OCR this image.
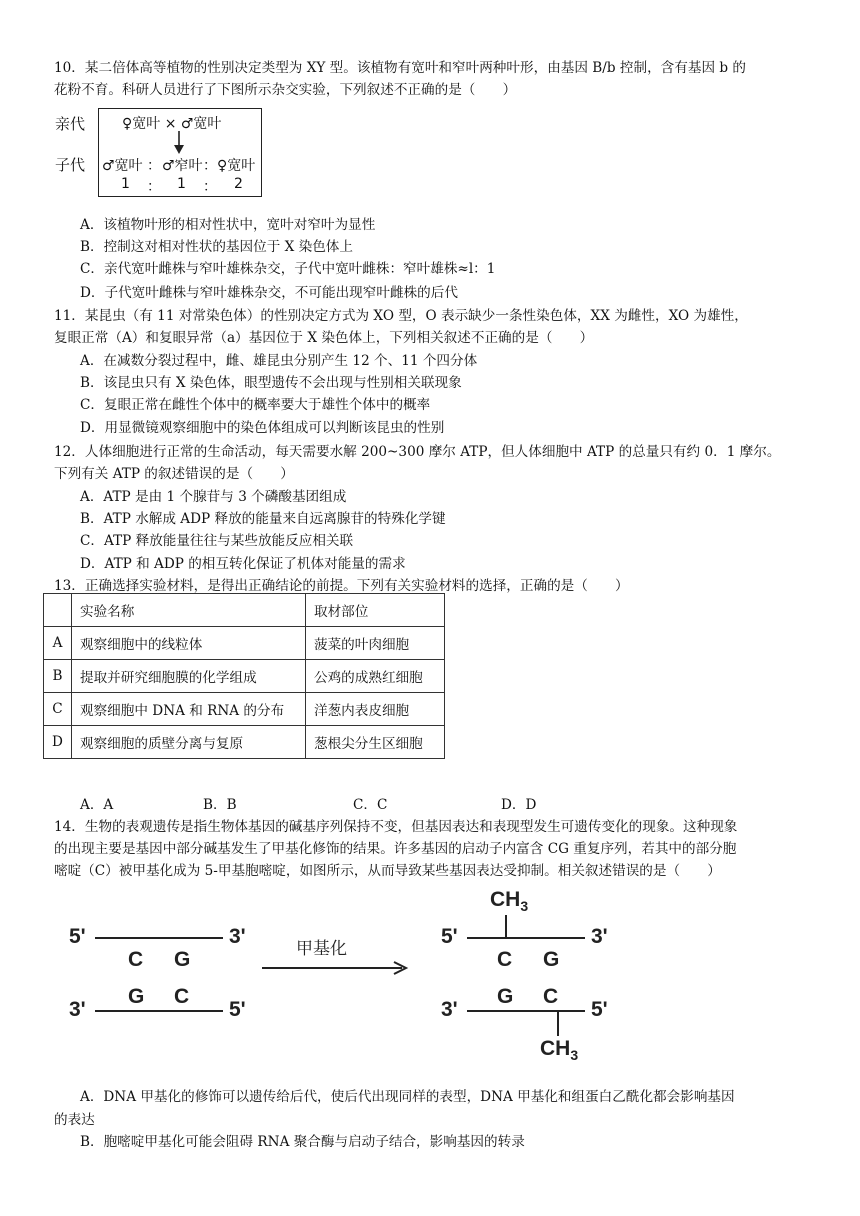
10．某二倍体高等植物的性别决定类型为 XY 型。该植物有宽叶和窄叶两种叶形，由基因 B/b 控制，含有基因 b 的
花粉不育。科研人员进行了下图所示杂交实验，下列叙述不正确的是（　　）
亲代
子代
♀宽叶 × ♂宽叶
♂宽叶 ： ♂窄叶 ： ♀宽叶
1 ： 1 ： 2
A．该植物叶形的相对性状中，宽叶对窄叶为显性
B．控制这对相对性状的基因位于 X 染色体上
C．亲代宽叶雌株与窄叶雄株杂交，子代中宽叶雌株：窄叶雄株≈l：1
D．子代宽叶雌株与窄叶雄株杂交，不可能出现窄叶雌株的后代
11．某昆虫（有 11 对常染色体）的性别决定方式为 XO 型，O 表示缺少一条性染色体，XX 为雌性，XO 为雄性，
复眼正常（A）和复眼异常（a）基因位于 X 染色体上，下列相关叙述不正确的是（　　）
A．在减数分裂过程中，雌、雄昆虫分别产生 12 个、11 个四分体
B．该昆虫只有 X 染色体，眼型遗传不会出现与性别相关联现象
C．复眼正常在雌性个体中的概率要大于雄性个体中的概率
D．用显微镜观察细胞中的染色体组成可以判断该昆虫的性别
12．人体细胞进行正常的生命活动，每天需要水解 200~300 摩尔 ATP，但人体细胞中 ATP 的总量只有约 0．1 摩尔。
下列有关 ATP 的叙述错误的是（　　）
A．ATP 是由 1 个腺苷与 3 个磷酸基团组成
B．ATP 水解成 ADP 释放的能量来自远离腺苷的特殊化学键
C．ATP 释放能量往往与某些放能反应相关联
D．ATP 和 ADP 的相互转化保证了机体对能量的需求
13．正确选择实验材料，是得出正确结论的前提。下列有关实验材料的选择，正确的是（　　）
	实验名称	取材部位
A	观察细胞中的线粒体	菠菜的叶肉细胞
B	提取并研究细胞膜的化学组成	公鸡的成熟红细胞
C	观察细胞中 DNA 和 RNA 的分布	洋葱内表皮细胞
D	观察细胞的质壁分离与复原	葱根尖分生区细胞
A．A	B．B	C．C	D．D
14．生物的表观遗传是指生物体基因的碱基序列保持不变，但基因表达和表现型发生可遗传变化的现象。这种现象
的出现主要是基因中部分碱基发生了甲基化修饰的结果。许多基因的启动子内富含 CG 重复序列，若其中的部分胞
嘧啶（C）被甲基化成为 5-甲基胞嘧啶，如图所示，从而导致某些基因表达受抑制。相关叙述错误的是（　　）
5'	3'
C G
G C
3'	5'
甲基化
$CH_3$
5'	3'
C G
G C
3'	5'
$CH_3$
A．DNA 甲基化的修饰可以遗传给后代，使后代出现同样的表型，DNA 甲基化和组蛋白乙酰化都会影响基因
的表达
B．胞嘧啶甲基化可能会阻碍 RNA 聚合酶与启动子结合，影响基因的转录
